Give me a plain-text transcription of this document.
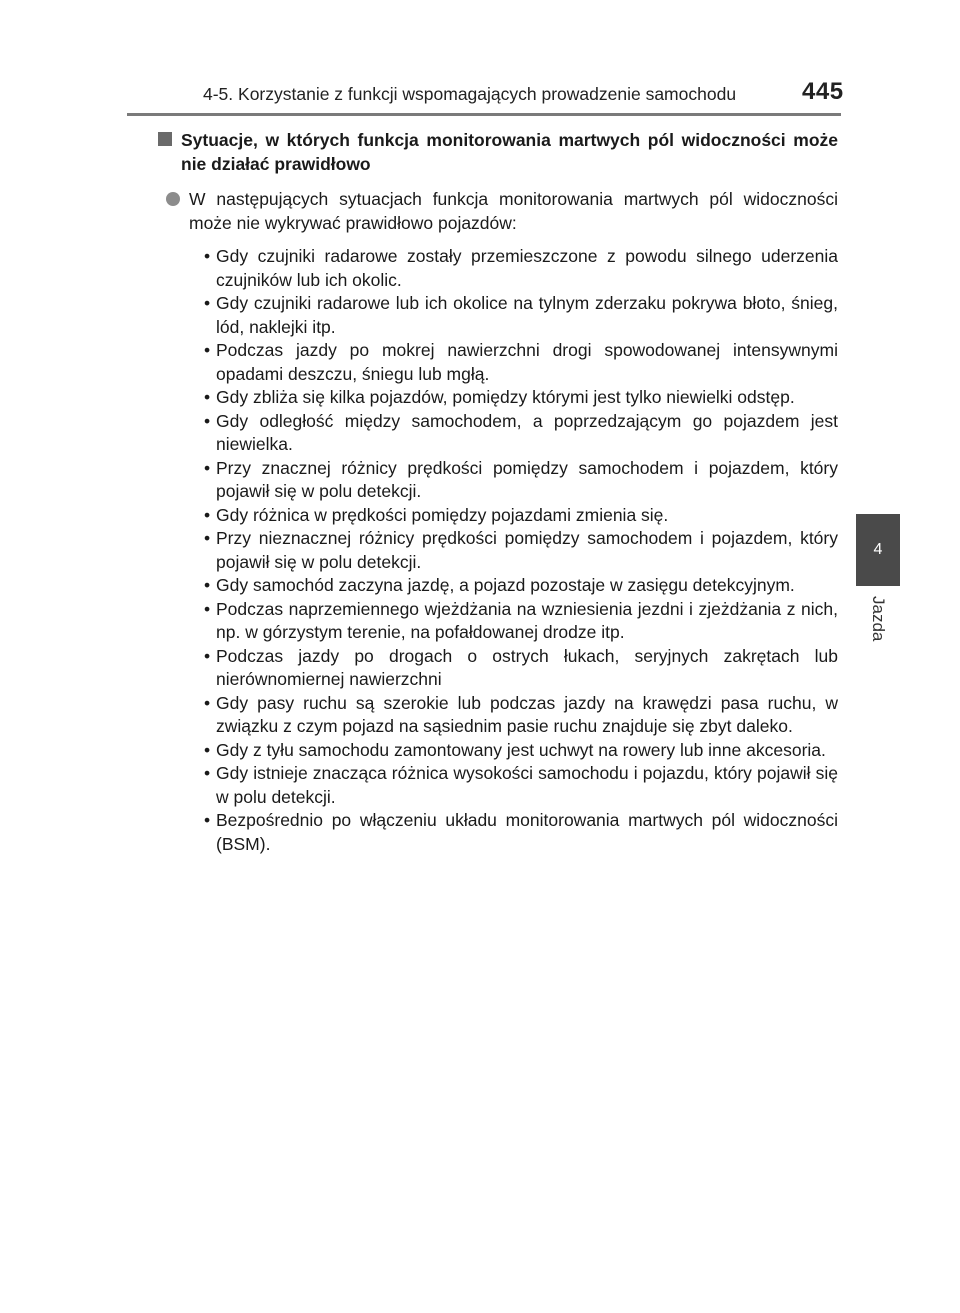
4-5. Korzystanie z funkcji wspomagających prowadzenie samochodu	445
4
Jazda
Sytuacje, w których funkcja monitorowania martwych pól widoczności może nie działać prawidłowo
W następujących sytuacjach funkcja monitorowania martwych pól widoczności może nie wykrywać prawidłowo pojazdów:
• Gdy czujniki radarowe zostały przemieszczone z powodu silnego uderzenia czujników lub ich okolic.
• Gdy czujniki radarowe lub ich okolice na tylnym zderzaku pokrywa błoto, śnieg, lód, naklejki itp.
• Podczas jazdy po mokrej nawierzchni drogi spowodowanej intensywnymi opadami deszczu, śniegu lub mgłą.
• Gdy zbliża się kilka pojazdów, pomiędzy którymi jest tylko niewielki odstęp.
• Gdy odległość między samochodem, a poprzedzającym go pojazdem jest niewielka.
• Przy znacznej różnicy prędkości pomiędzy samochodem i pojazdem, który pojawił się w polu detekcji.
• Gdy różnica w prędkości pomiędzy pojazdami zmienia się.
• Przy nieznacznej różnicy prędkości pomiędzy samochodem i pojazdem, który pojawił się w polu detekcji.
• Gdy samochód zaczyna jazdę, a pojazd pozostaje w zasięgu detekcyjnym.
• Podczas naprzemiennego wjeżdżania na wzniesienia jezdni i zjeżdżania z nich, np. w górzystym terenie, na pofałdowanej drodze itp.
• Podczas jazdy po drogach o ostrych łukach, seryjnych zakrętach lub nierównomiernej nawierzchni
• Gdy pasy ruchu są szerokie lub podczas jazdy na krawędzi pasa ruchu, w związku z czym pojazd na sąsiednim pasie ruchu znajduje się zbyt daleko.
• Gdy z tyłu samochodu zamontowany jest uchwyt na rowery lub inne akcesoria.
• Gdy istnieje znacząca różnica wysokości samochodu i pojazdu, który pojawił się w polu detekcji.
• Bezpośrednio po włączeniu układu monitorowania martwych pól widoczności (BSM).
